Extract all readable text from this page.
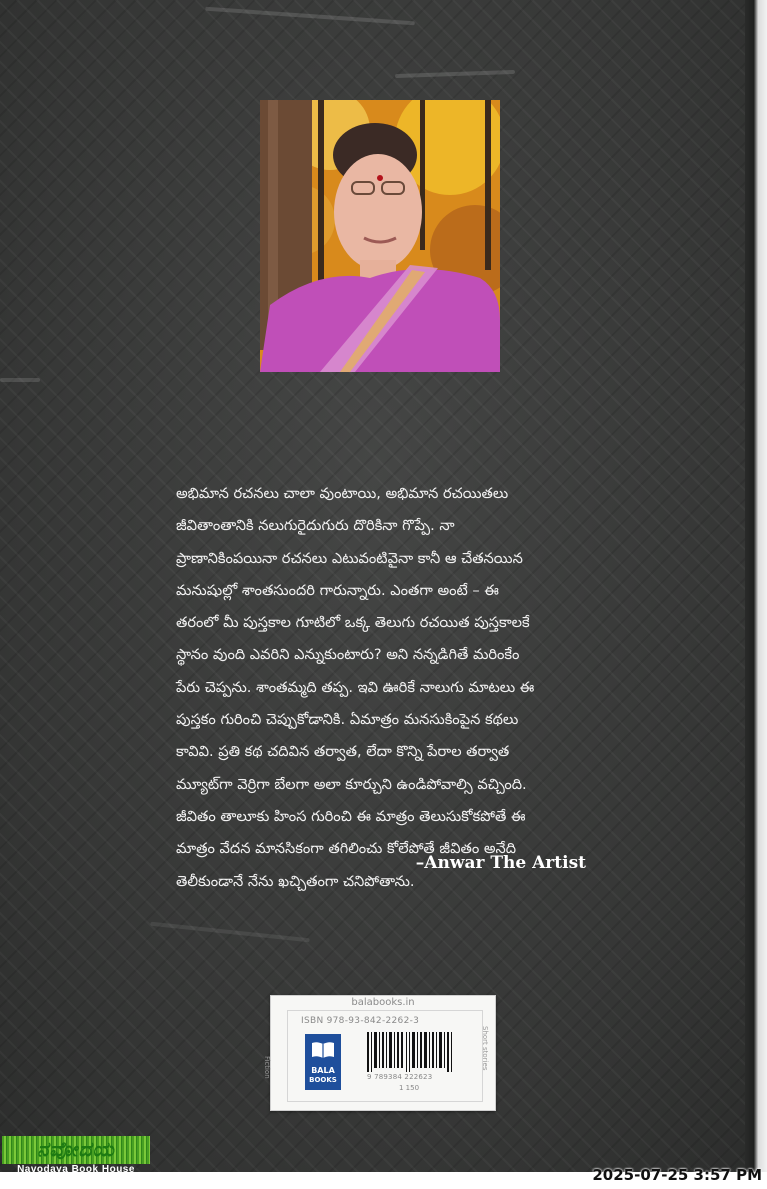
అభిమాన రచనలు చాలా వుంటాయి, అభిమాన రచయితలు

జీవితాంతానికి నలుగురైదుగురు దొరికినా గొప్పే. నా

ప్రాణానికింపయినా రచనలు ఎటువంటివైనా కానీ ఆ చేతనయిన

మనుషుల్లో శాంతసుందరి గారున్నారు. ఎంతగా అంటే – ఈ

తరంలో మీ పుస్తకాల గూటిలో ఒక్క తెలుగు రచయిత పుస్తకాలకే

స్థానం వుంది ఎవరిని ఎన్నుకుంటారు? అని నన్నడిగితే మరింకేం

పేరు చెప్పను. శాంతమ్మది తప్ప. ఇవి ఊరికే నాలుగు మాటలు ఈ

పుస్తకం గురించి చెప్పుకోడానికి. ఏమాత్రం మనసుకింపైన కథలు

కావివి. ప్రతి కథ చదివిన తర్వాత, లేదా కొన్ని పేరాల తర్వాత

మ్యూట్‌గా వెర్రిగా బేలగా అలా కూర్చుని ఉండిపోవాల్సి వచ్చింది.

జీవితం తాలూకు హింస గురించి ఈ మాత్రం తెలుసుకోకపోతే ఈ

మాత్రం వేదన మానసికంగా తగిలించు కోలేపోతే జీవితం అనేది

తెలీకుండానే నేను ఖచ్చితంగా చనిపోతాను.

–Anwar The Artist
balabooks.in
ISBN 978-93-842-2262-3
Fiction	Short stories
BALA
BOOKS	9 789384 222623
1 150
ನವೋದಯ
Navodaya Book House
Since...1990	2025-07-25 3:57 PM
